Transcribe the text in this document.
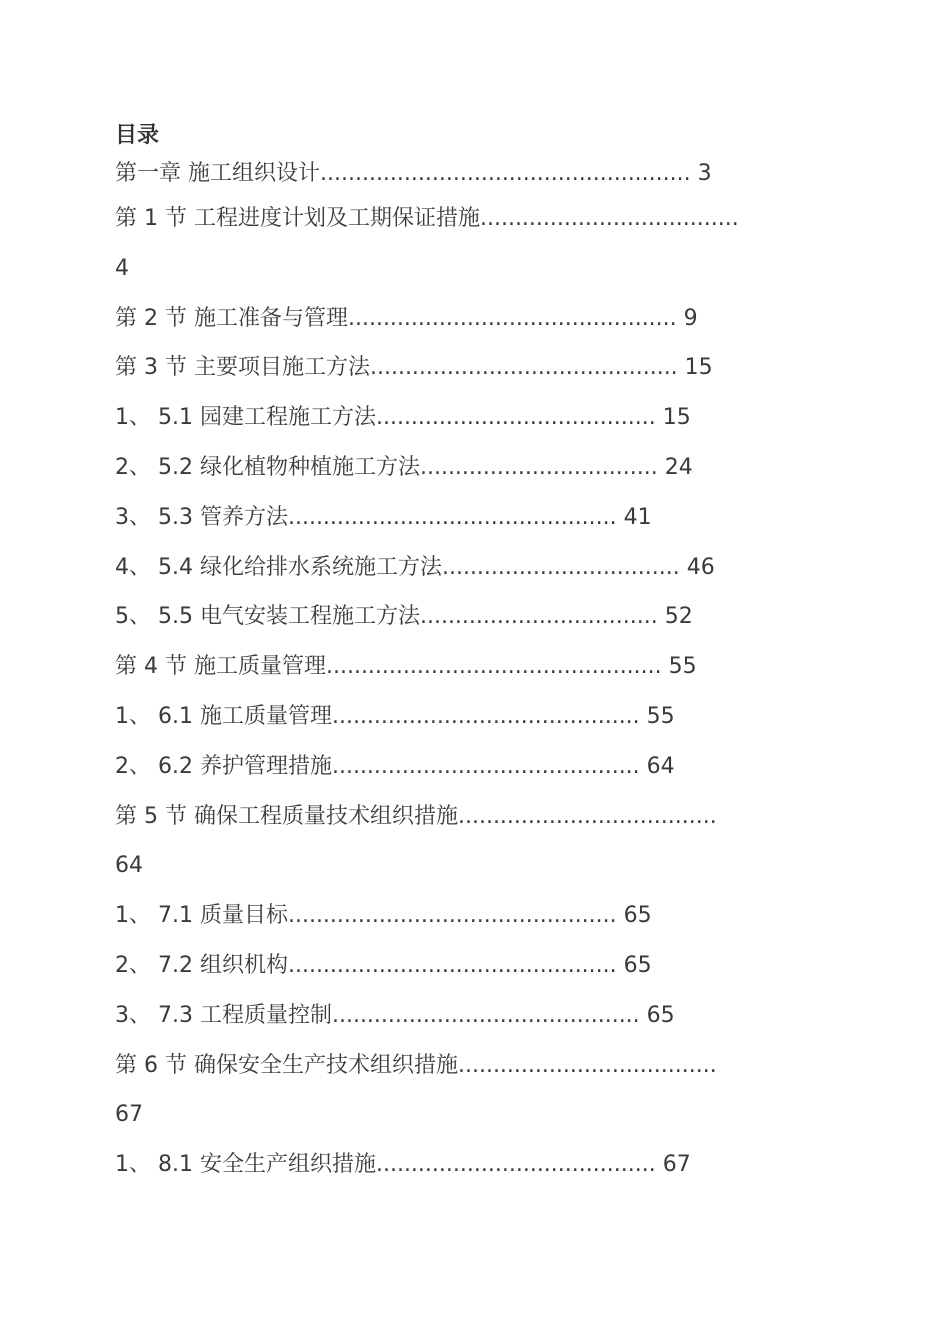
目录
第一章 施工组织设计..................................................... 3
第 1 节 工程进度计划及工期保证措施.....................................
4
第 2 节 施工准备与管理............................................... 9
第 3 节 主要项目施工方法............................................ 15
1、 5.1 园建工程施工方法........................................ 15
2、 5.2 绿化植物种植施工方法.................................. 24
3、 5.3 管养方法............................................... 41
4、 5.4 绿化给排水系统施工方法.................................. 46
5、 5.5 电气安装工程施工方法.................................. 52
第 4 节 施工质量管理................................................ 55
1、 6.1 施工质量管理............................................ 55
2、 6.2 养护管理措施............................................ 64
第 5 节 确保工程质量技术组织措施.....................................
64
1、 7.1 质量目标............................................... 65
2、 7.2 组织机构............................................... 65
3、 7.3 工程质量控制............................................ 65
第 6 节 确保安全生产技术组织措施.....................................
67
1、 8.1 安全生产组织措施........................................ 67
